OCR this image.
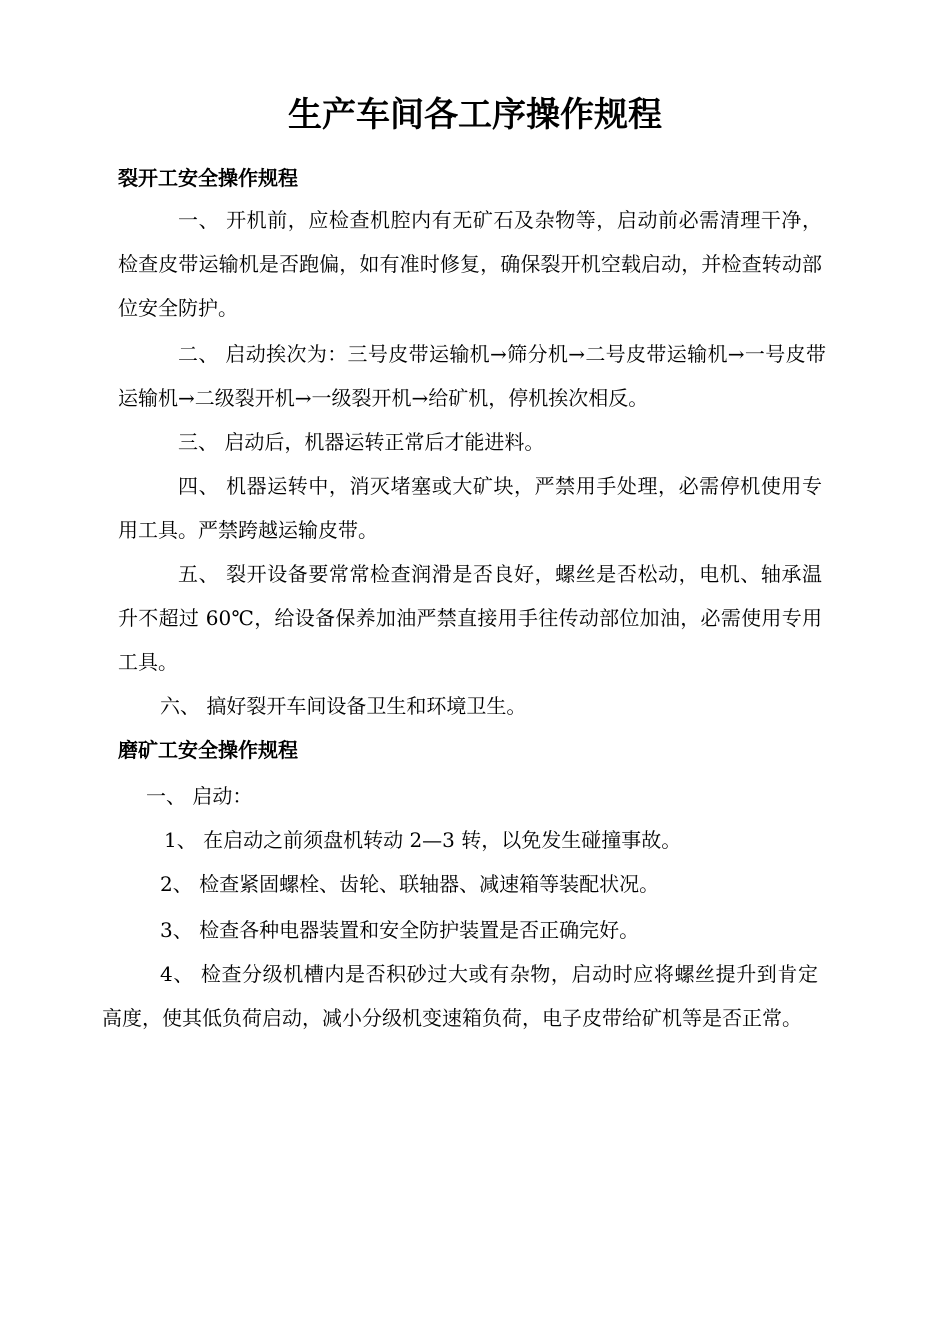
生产车间各工序操作规程
裂开工安全操作规程

一、 开机前，应检查机腔内有无矿石及杂物等，启动前必需清理干净，检查皮带运输机是否跑偏，如有准时修复，确保裂开机空载启动，并检查转动部位安全防护。

二、 启动挨次为：三号皮带运输机→筛分机→二号皮带运输机→一号皮带运输机→二级裂开机→一级裂开机→给矿机，停机挨次相反。

三、 启动后，机器运转正常后才能进料。

四、 机器运转中，消灭堵塞或大矿块，严禁用手处理，必需停机使用专用工具。严禁跨越运输皮带。

五、 裂开设备要常常检查润滑是否良好，螺丝是否松动，电机、轴承温升不超过 60℃，给设备保养加油严禁直接用手往传动部位加油，必需使用专用工具。

六、 搞好裂开车间设备卫生和环境卫生。

磨矿工安全操作规程

一、 启动：

1、 在启动之前须盘机转动 2—3 转，以免发生碰撞事故。

2、 检查紧固螺栓、齿轮、联轴器、减速箱等装配状况。

3、 检查各种电器装置和安全防护装置是否正确完好。

4、 检查分级机槽内是否积砂过大或有杂物，启动时应将螺丝提升到肯定高度，使其低负荷启动，减小分级机变速箱负荷，电子皮带给矿机等是否正常。
